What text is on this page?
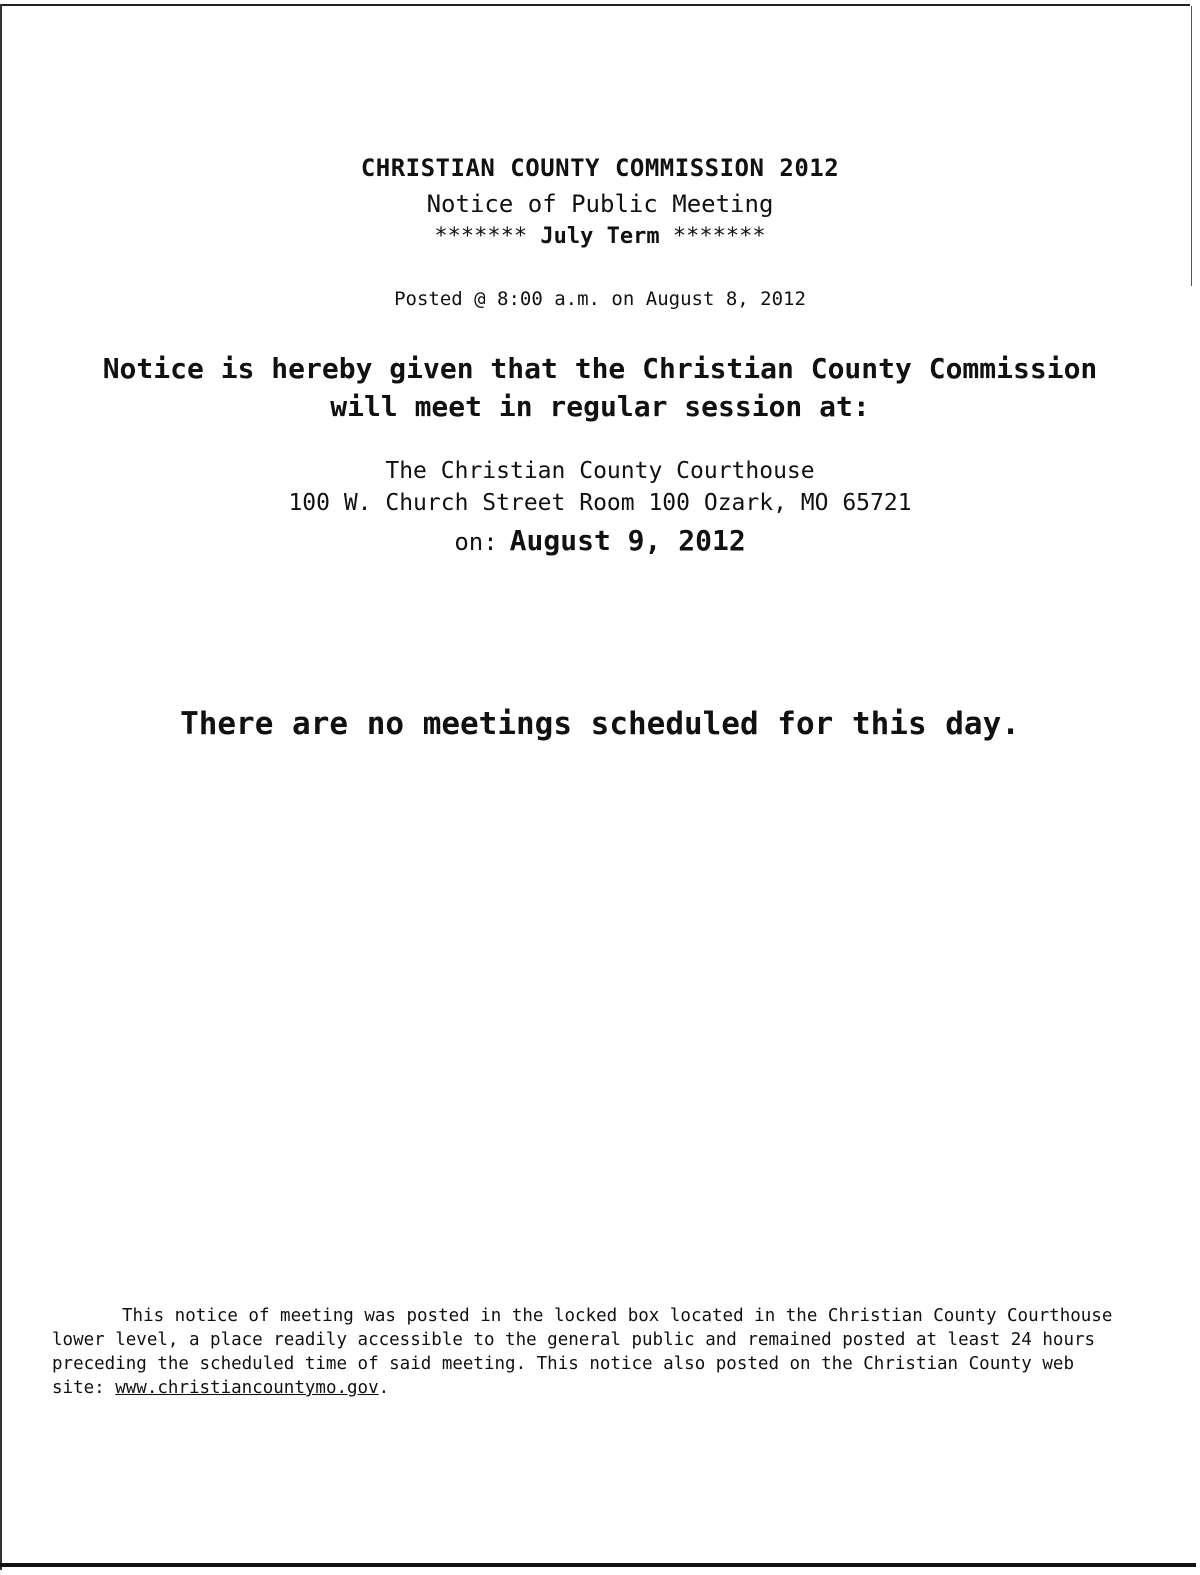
CHRISTIAN COUNTY COMMISSION 2012
Notice of Public Meeting
******* July Term *******
Posted @ 8:00 a.m. on August 8, 2012
Notice is hereby given that the Christian County Commission
will meet in regular session at:
The Christian County Courthouse
100 W. Church Street Room 100 Ozark, MO 65721
on: August 9, 2012
There are no meetings scheduled for this day.
This notice of meeting was posted in the locked box located in the Christian County Courthouse lower level, a place readily accessible to the general public and remained posted at least 24 hours preceding the scheduled time of said meeting. This notice also posted on the Christian County web site: www.christiancountymo.gov.
